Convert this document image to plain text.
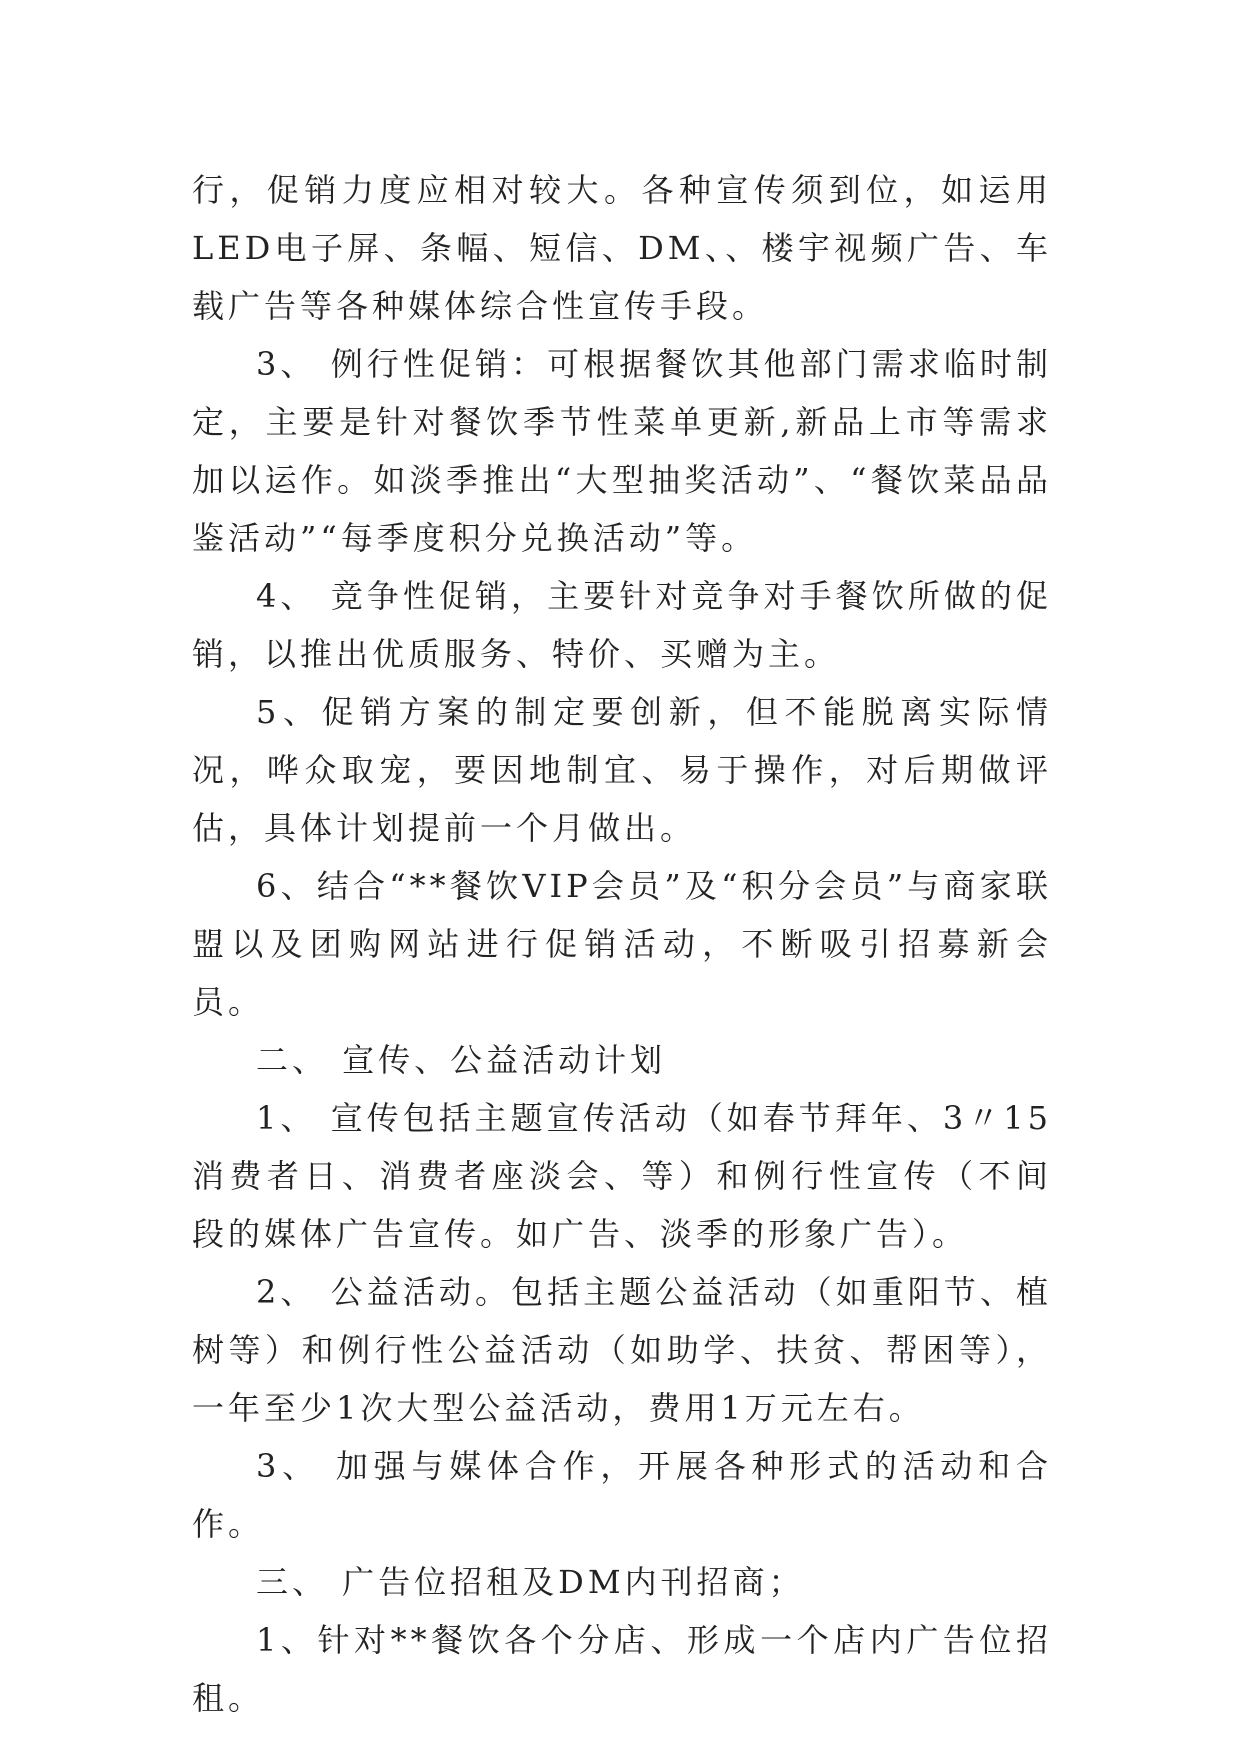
行，促销力度应相对较大。各种宣传须到位，如运用LED电子屏、条幅、短信、DM、、楼宇视频广告、车载广告等各种媒体综合性宣传手段。

3、 例行性促销：可根据餐饮其他部门需求临时制定，主要是针对餐饮季节性菜单更新,新品上市等需求加以运作。如淡季推出“大型抽奖活动”、“餐饮菜品品鉴活动”“每季度积分兑换活动”等。

4、 竞争性促销，主要针对竞争对手餐饮所做的促销，以推出优质服务、特价、买赠为主。

5、促销方案的制定要创新，但不能脱离实际情况，哗众取宠，要因地制宜、易于操作，对后期做评估，具体计划提前一个月做出。

6、结合“**餐饮VIP会员”及“积分会员”与商家联盟以及团购网站进行促销活动，不断吸引招募新会员。

二、 宣传、公益活动计划

1、 宣传包括主题宣传活动（如春节拜年、3〃15消费者日、消费者座淡会、等）和例行性宣传（不间段的媒体广告宣传。如广告、淡季的形象广告）。

2、 公益活动。包括主题公益活动（如重阳节、植树等）和例行性公益活动（如助学、扶贫、帮困等），一年至少1次大型公益活动，费用1万元左右。

3、 加强与媒体合作，开展各种形式的活动和合作。

三、 广告位招租及DM内刊招商；

1、针对**餐饮各个分店、形成一个店内广告位招租。
